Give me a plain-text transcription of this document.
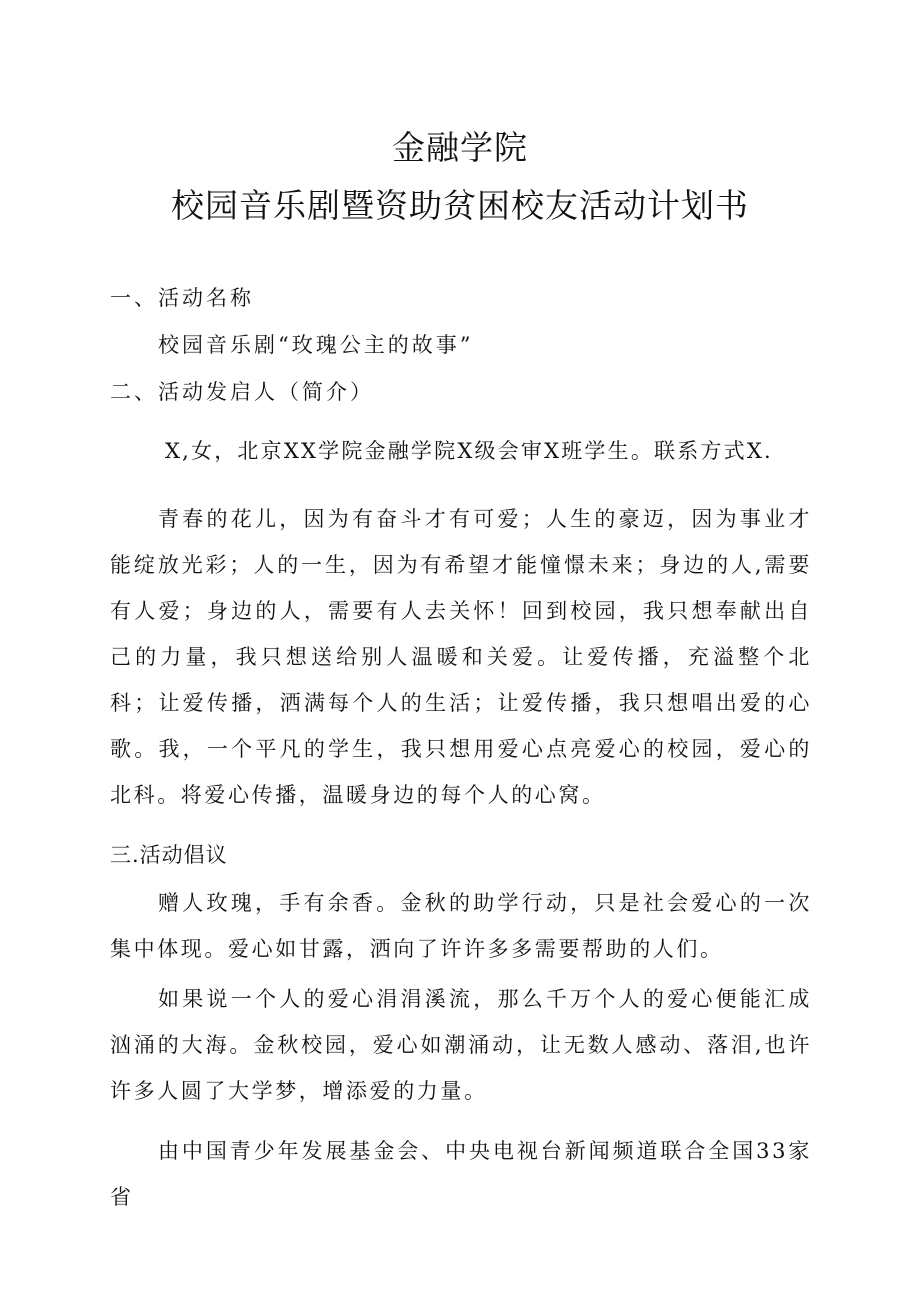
金融学院
校园音乐剧暨资助贫困校友活动计划书
一、活动名称
校园音乐剧“玫瑰公主的故事”
二、活动发启人（简介）
X,女，北京XX学院金融学院X级会审X班学生。联系方式X.
青春的花儿，因为有奋斗才有可爱；人生的豪迈，因为事业才能绽放光彩；人的一生，因为有希望才能憧憬未来；身边的人,需要有人爱；身边的人，需要有人去关怀！回到校园，我只想奉献出自己的力量，我只想送给别人温暖和关爱。让爱传播，充溢整个北科；让爱传播，洒满每个人的生活；让爱传播，我只想唱出爱的心歌。我，一个平凡的学生，我只想用爱心点亮爱心的校园，爱心的北科。将爱心传播，温暖身边的每个人的心窝。
三.活动倡议
赠人玫瑰，手有余香。金秋的助学行动，只是社会爱心的一次集中体现。爱心如甘露，洒向了许许多多需要帮助的人们。
如果说一个人的爱心涓涓溪流，那么千万个人的爱心便能汇成汹涌的大海。金秋校园，爱心如潮涌动，让无数人感动、落泪,也许许多人圆了大学梦，增添爱的力量。
由中国青少年发展基金会、中央电视台新闻频道联合全国33家省
